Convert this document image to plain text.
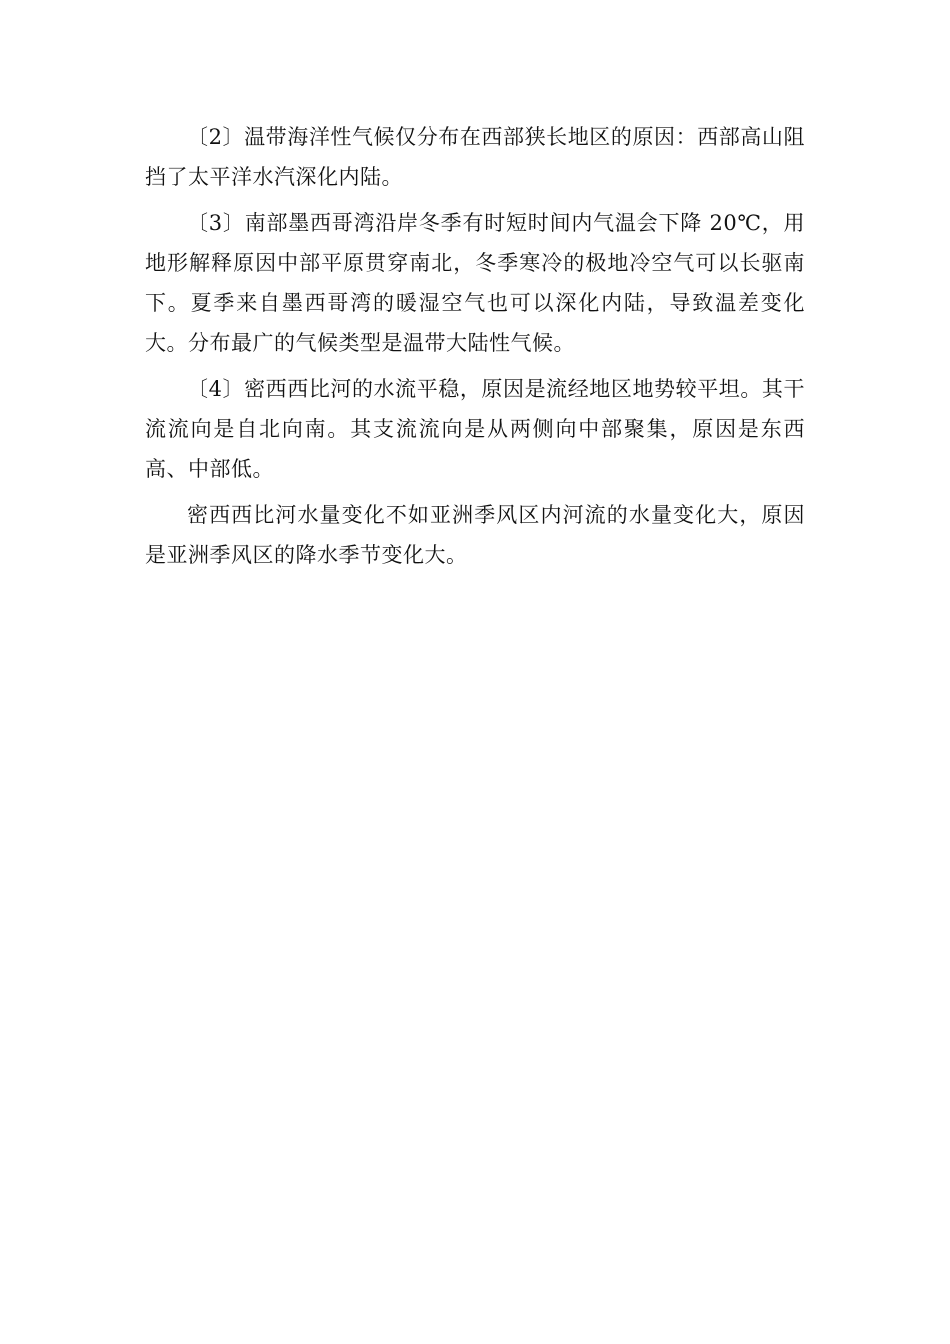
〔2〕温带海洋性气候仅分布在西部狭长地区的原因：西部高山阻挡了太平洋水汽深化内陆。

〔3〕南部墨西哥湾沿岸冬季有时短时间内气温会下降 20℃，用地形解释原因中部平原贯穿南北，冬季寒冷的极地冷空气可以长驱南下。夏季来自墨西哥湾的暖湿空气也可以深化内陆，导致温差变化大。分布最广的气候类型是温带大陆性气候。

〔4〕密西西比河的水流平稳，原因是流经地区地势较平坦。其干流流向是自北向南。其支流流向是从两侧向中部聚集，原因是东西高、中部低。

密西西比河水量变化不如亚洲季风区内河流的水量变化大，原因是亚洲季风区的降水季节变化大。
